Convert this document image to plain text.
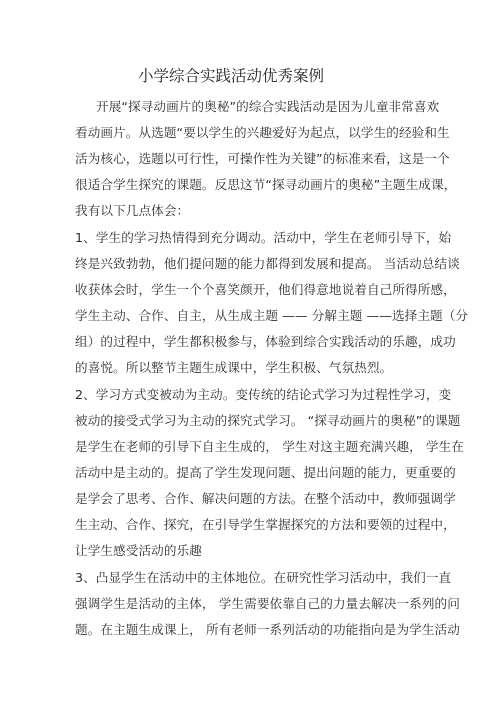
小学综合实践活动优秀案例
开展“探寻动画片的奥秘”的综合实践活动是因为儿童非常喜欢
看动画片。从选题“要以学生的兴趣爱好为起点，以学生的经验和生
活为核心，选题以可行性，可操作性为关键”的标准来看，这是一个
很适合学生探究的课题。反思这节“探寻动画片的奥秘”主题生成课，
我有以下几点体会：
1、学生的学习热情得到充分调动。活动中，学生在老师引导下，始
终是兴致勃勃，他们提问题的能力都得到发展和提高。 当活动总结谈
收获体会时，学生一个个喜笑颜开，他们得意地说着自己所得所感，
学生主动、合作、自主，从生成主题 —— 分解主题 ——选择主题（分
组）的过程中，学生都积极参与，体验到综合实践活动的乐趣，成功
的喜悦。所以整节主题生成课中，学生积极、气氛热烈。
2、学习方式变被动为主动。变传统的结论式学习为过程性学习，变
被动的接受式学习为主动的探究式学习。 “探寻动画片的奥秘”的课题
是学生在老师的引导下自主生成的， 学生对这主题充满兴趣， 学生在
活动中是主动的。提高了学生发现问题、提出问题的能力，更重要的
是学会了思考、合作、解决问题的方法。在整个活动中，教师强调学
生主动、合作、探究，在引导学生掌握探究的方法和要领的过程中，
让学生感受活动的乐趣
3、凸显学生在活动中的主体地位。在研究性学习活动中，我们一直
强调学生是活动的主体， 学生需要依靠自己的力量去解决一系列的问
题。在主题生成课上， 所有老师一系列活动的功能指向是为学生活动
